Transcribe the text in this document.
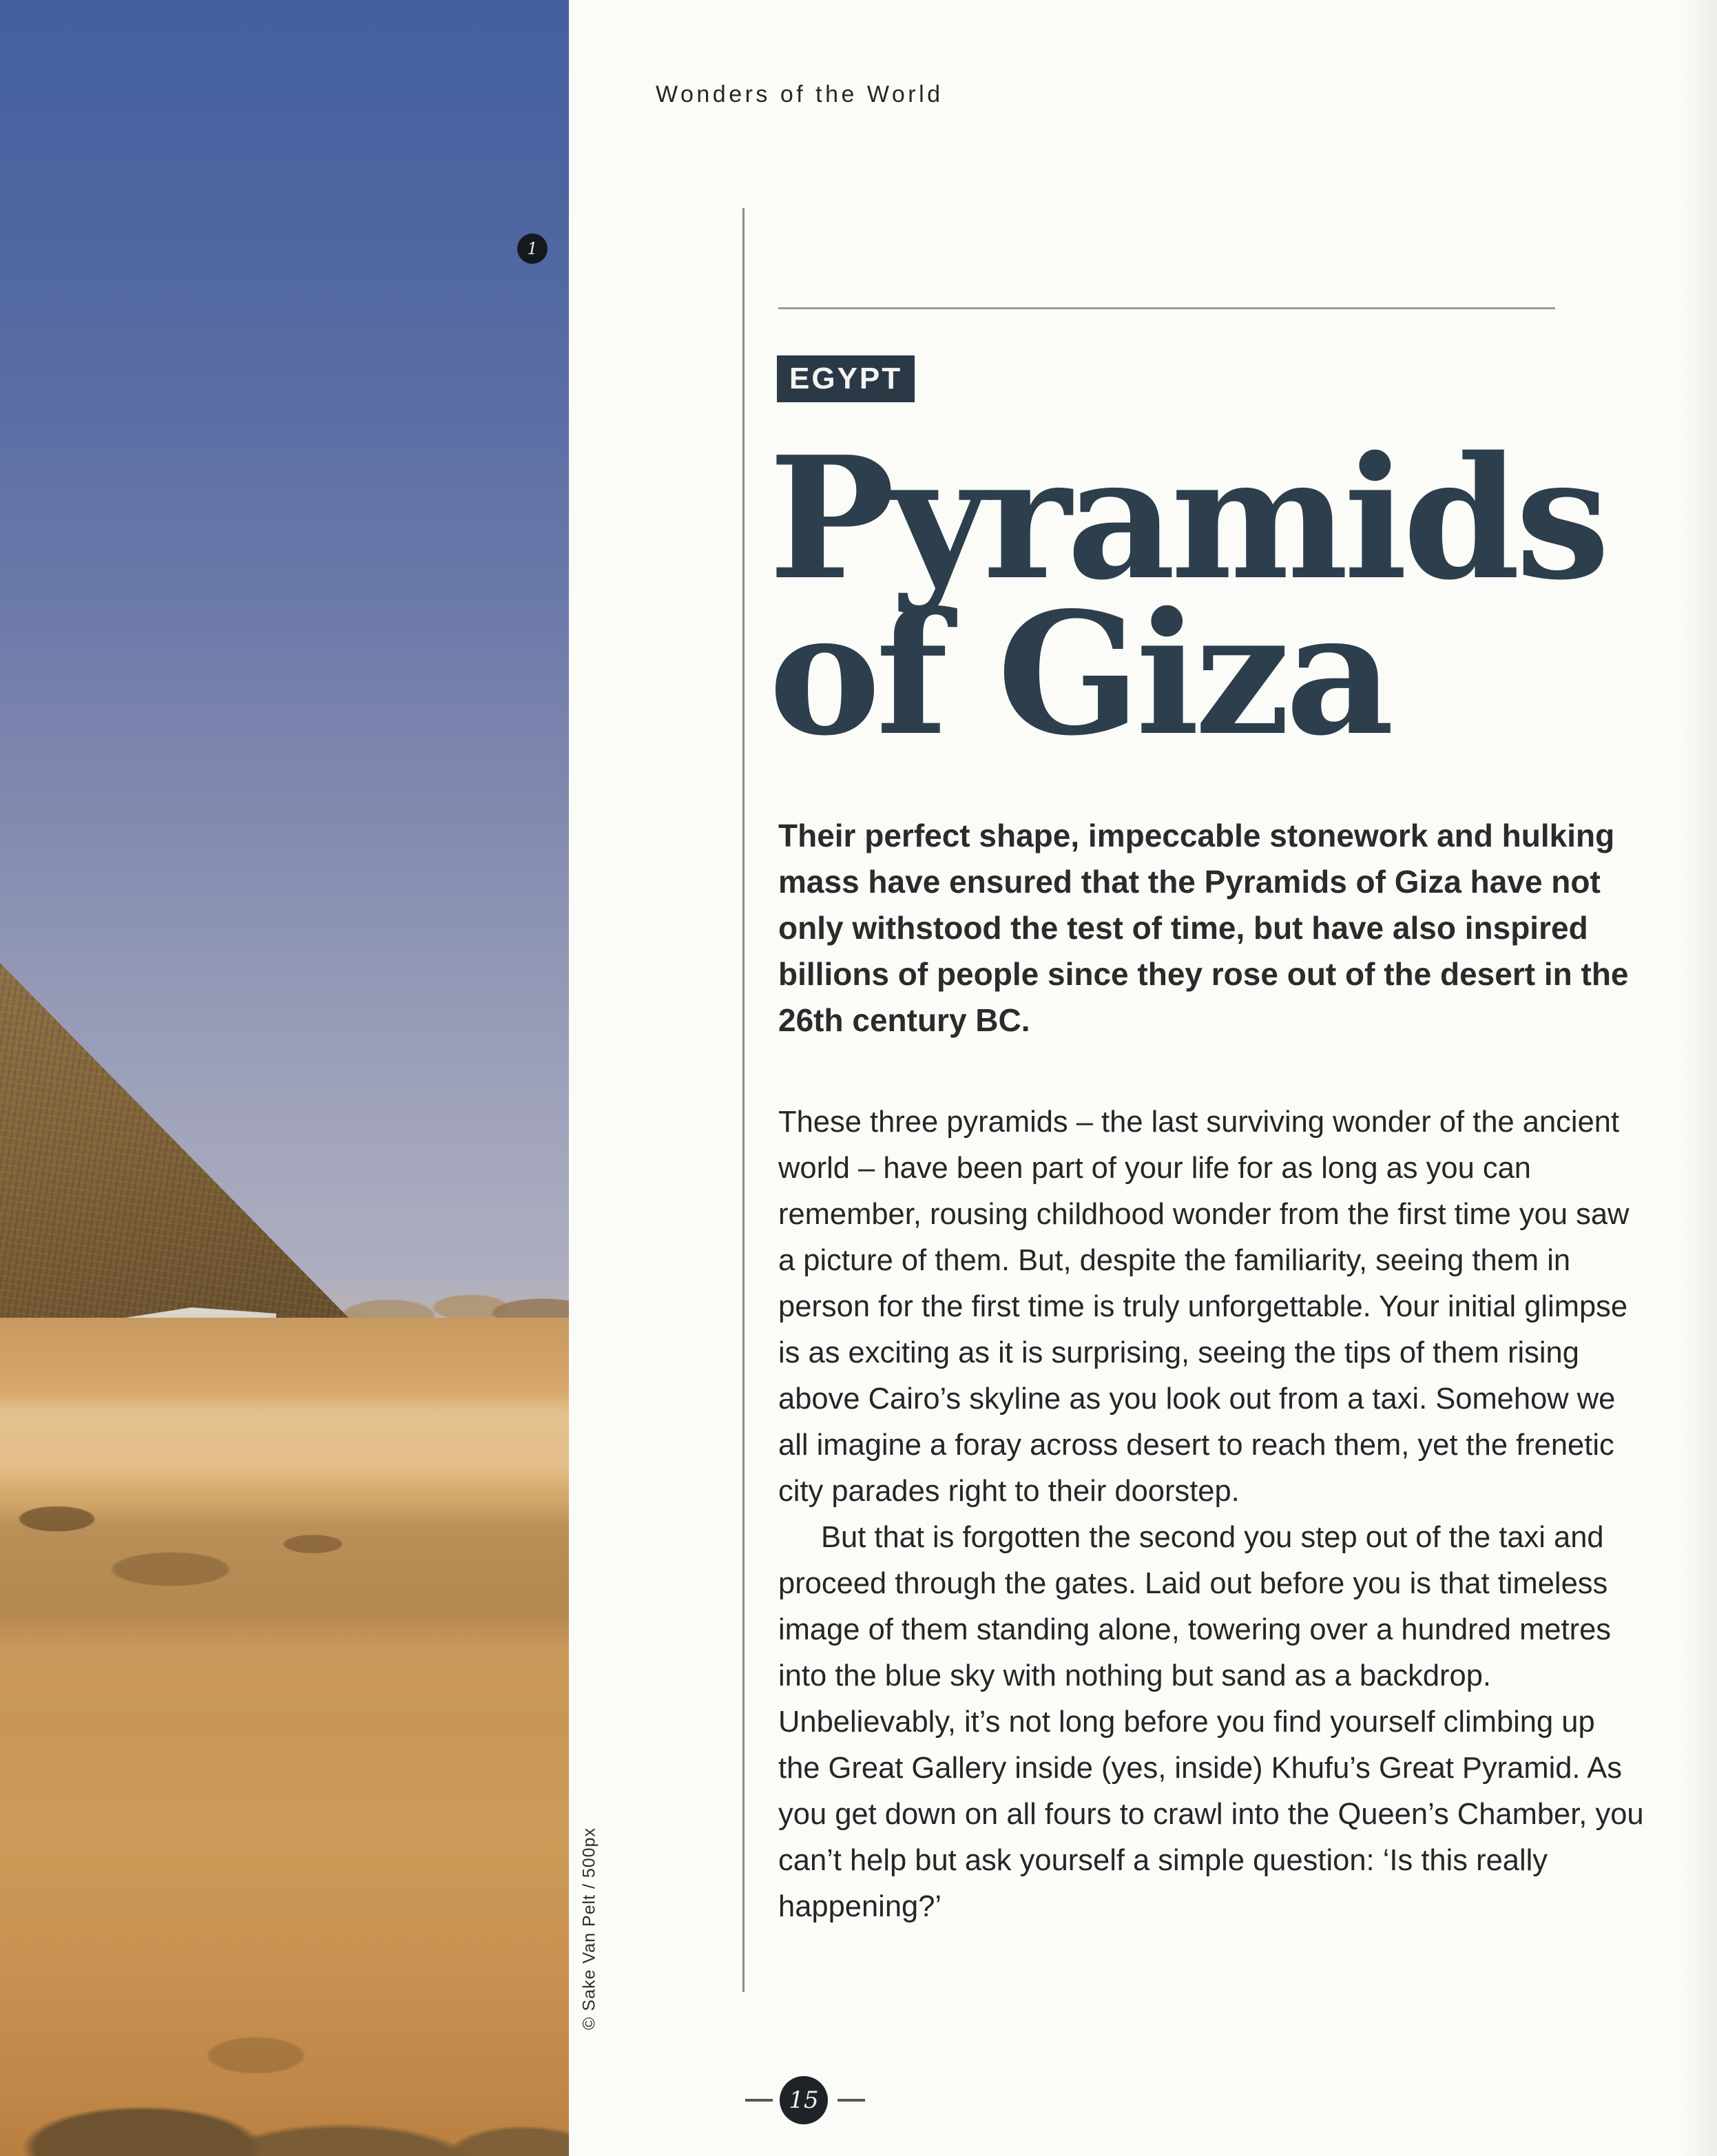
1
© Sake Van Pelt / 500px
Wonders of the World
EGYPT
Pyramids
of Giza
Their perfect shape, impeccable stonework and hulking mass have ensured that the Pyramids of Giza have not only withstood the test of time, but have also inspired billions of people since they rose out of the desert in the 26th century BC.

These three pyramids – the last surviving wonder of the ancient world – have been part of your life for as long as you can remember, rousing childhood wonder from the first time you saw a picture of them. But, despite the familiarity, seeing them in person for the first time is truly unforgettable. Your initial glimpse is as exciting as it is surprising, seeing the tips of them rising above Cairo’s skyline as you look out from a taxi. Somehow we all imagine a foray across desert to reach them, yet the frenetic city parades right to their doorstep.

But that is forgotten the second you step out of the taxi and proceed through the gates. Laid out before you is that timeless image of them standing alone, towering over a hundred metres into the blue sky with nothing but sand as a backdrop. Unbelievably, it’s not long before you find yourself climbing up the Great Gallery inside (yes, inside) Khufu’s Great Pyramid. As you get down on all fours to crawl into the Queen’s Chamber, you can’t help but ask yourself a simple question: ‘Is this really happening?’

15
